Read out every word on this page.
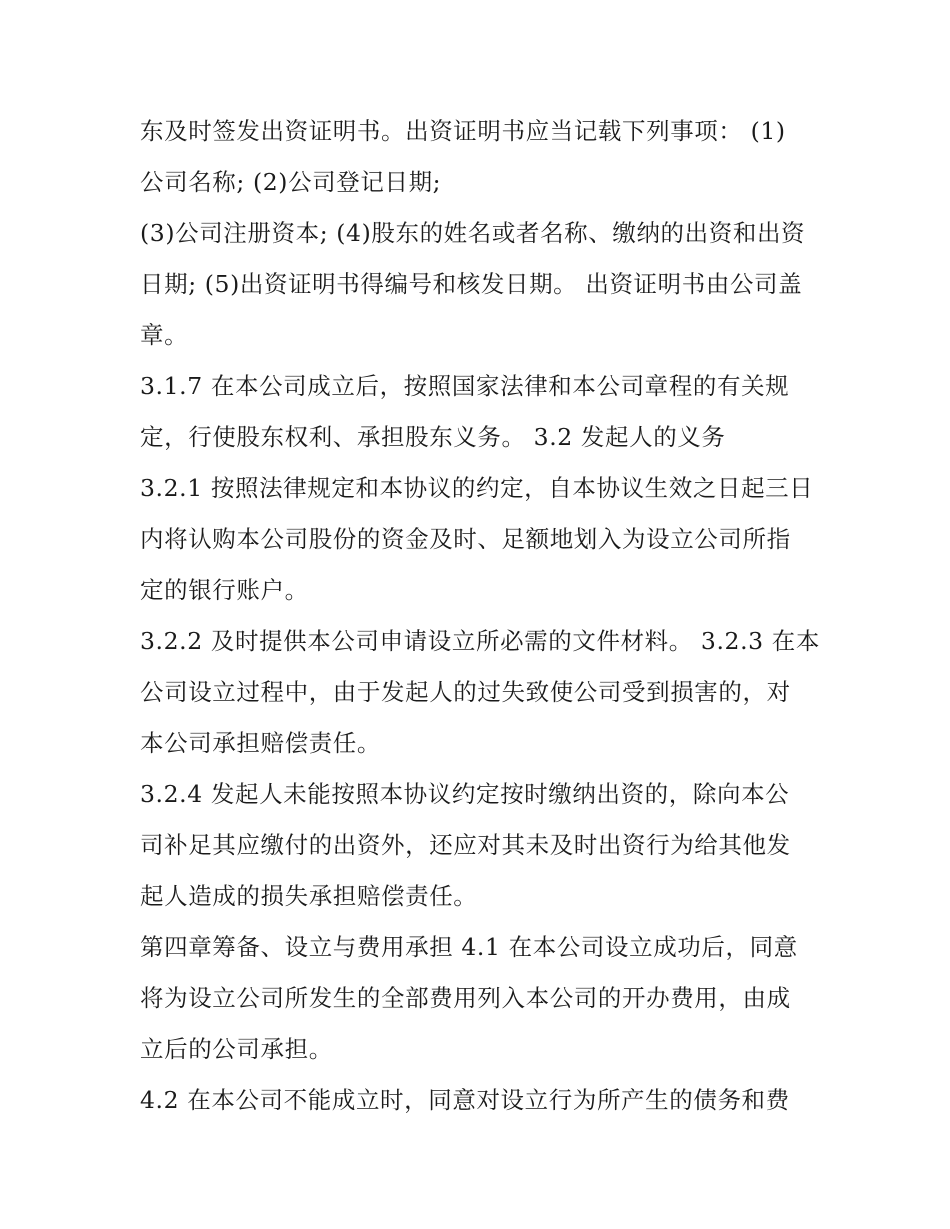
东及时签发出资证明书。出资证明书应当记载下列事项： (1)
公司名称; (2)公司登记日期;
(3)公司注册资本; (4)股东的姓名或者名称、缴纳的出资和出资
日期; (5)出资证明书得编号和核发日期。 出资证明书由公司盖
章。
3.1.7 在本公司成立后，按照国家法律和本公司章程的有关规
定，行使股东权利、承担股东义务。 3.2 发起人的义务
3.2.1 按照法律规定和本协议的约定，自本协议生效之日起三日
内将认购本公司股份的资金及时、足额地划入为设立公司所指
定的银行账户。
3.2.2 及时提供本公司申请设立所必需的文件材料。 3.2.3 在本
公司设立过程中，由于发起人的过失致使公司受到损害的，对
本公司承担赔偿责任。
3.2.4 发起人未能按照本协议约定按时缴纳出资的，除向本公
司补足其应缴付的出资外，还应对其未及时出资行为给其他发
起人造成的损失承担赔偿责任。
第四章筹备、设立与费用承担 4.1 在本公司设立成功后，同意
将为设立公司所发生的全部费用列入本公司的开办费用，由成
立后的公司承担。
4.2 在本公司不能成立时，同意对设立行为所产生的债务和费
